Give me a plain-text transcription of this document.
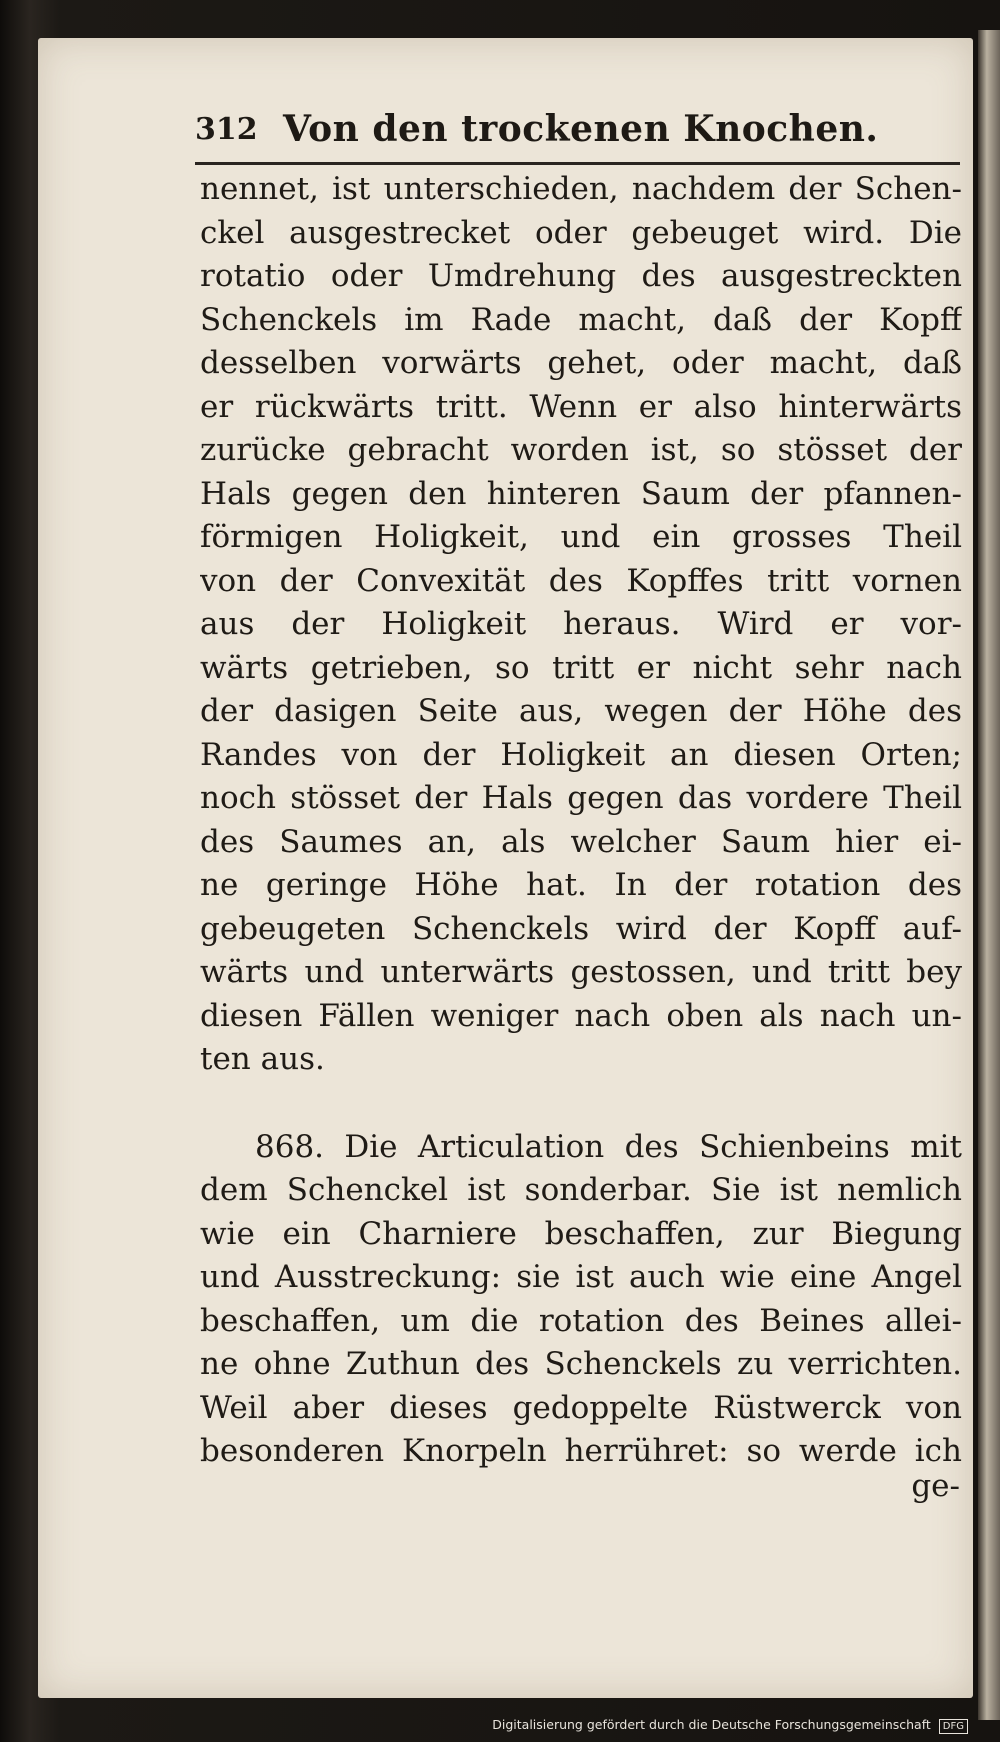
312 Von den trockenen Knochen.
nennet, ist unterschieden, nachdem der Schen-
ckel ausgestrecket oder gebeuget wird. Die
rotatio oder Umdrehung des ausgestreckten
Schenckels im Rade macht, daß der Kopff
desselben vorwärts gehet, oder macht, daß
er rückwärts tritt. Wenn er also hinterwärts
zurücke gebracht worden ist, so stösset der
Hals gegen den hinteren Saum der pfannen-
förmigen Holigkeit, und ein grosses Theil
von der Convexität des Kopffes tritt vornen
aus der Holigkeit heraus. Wird er vor-
wärts getrieben, so tritt er nicht sehr nach
der dasigen Seite aus, wegen der Höhe des
Randes von der Holigkeit an diesen Orten;
noch stösset der Hals gegen das vordere Theil
des Saumes an, als welcher Saum hier ei-
ne geringe Höhe hat. In der rotation des
gebeugeten Schenckels wird der Kopff auf-
wärts und unterwärts gestossen, und tritt bey
diesen Fällen weniger nach oben als nach un-
ten aus.
868. Die Articulation des Schienbeins mit
dem Schenckel ist sonderbar. Sie ist nemlich
wie ein Charniere beschaffen, zur Biegung
und Ausstreckung: sie ist auch wie eine Angel
beschaffen, um die rotation des Beines allei-
ne ohne Zuthun des Schenckels zu verrichten.
Weil aber dieses gedoppelte Rüstwerck von
besonderen Knorpeln herrühret: so werde ich
ge-
Digitalisierung gefördert durch die Deutsche Forschungsgemeinschaft DFG
